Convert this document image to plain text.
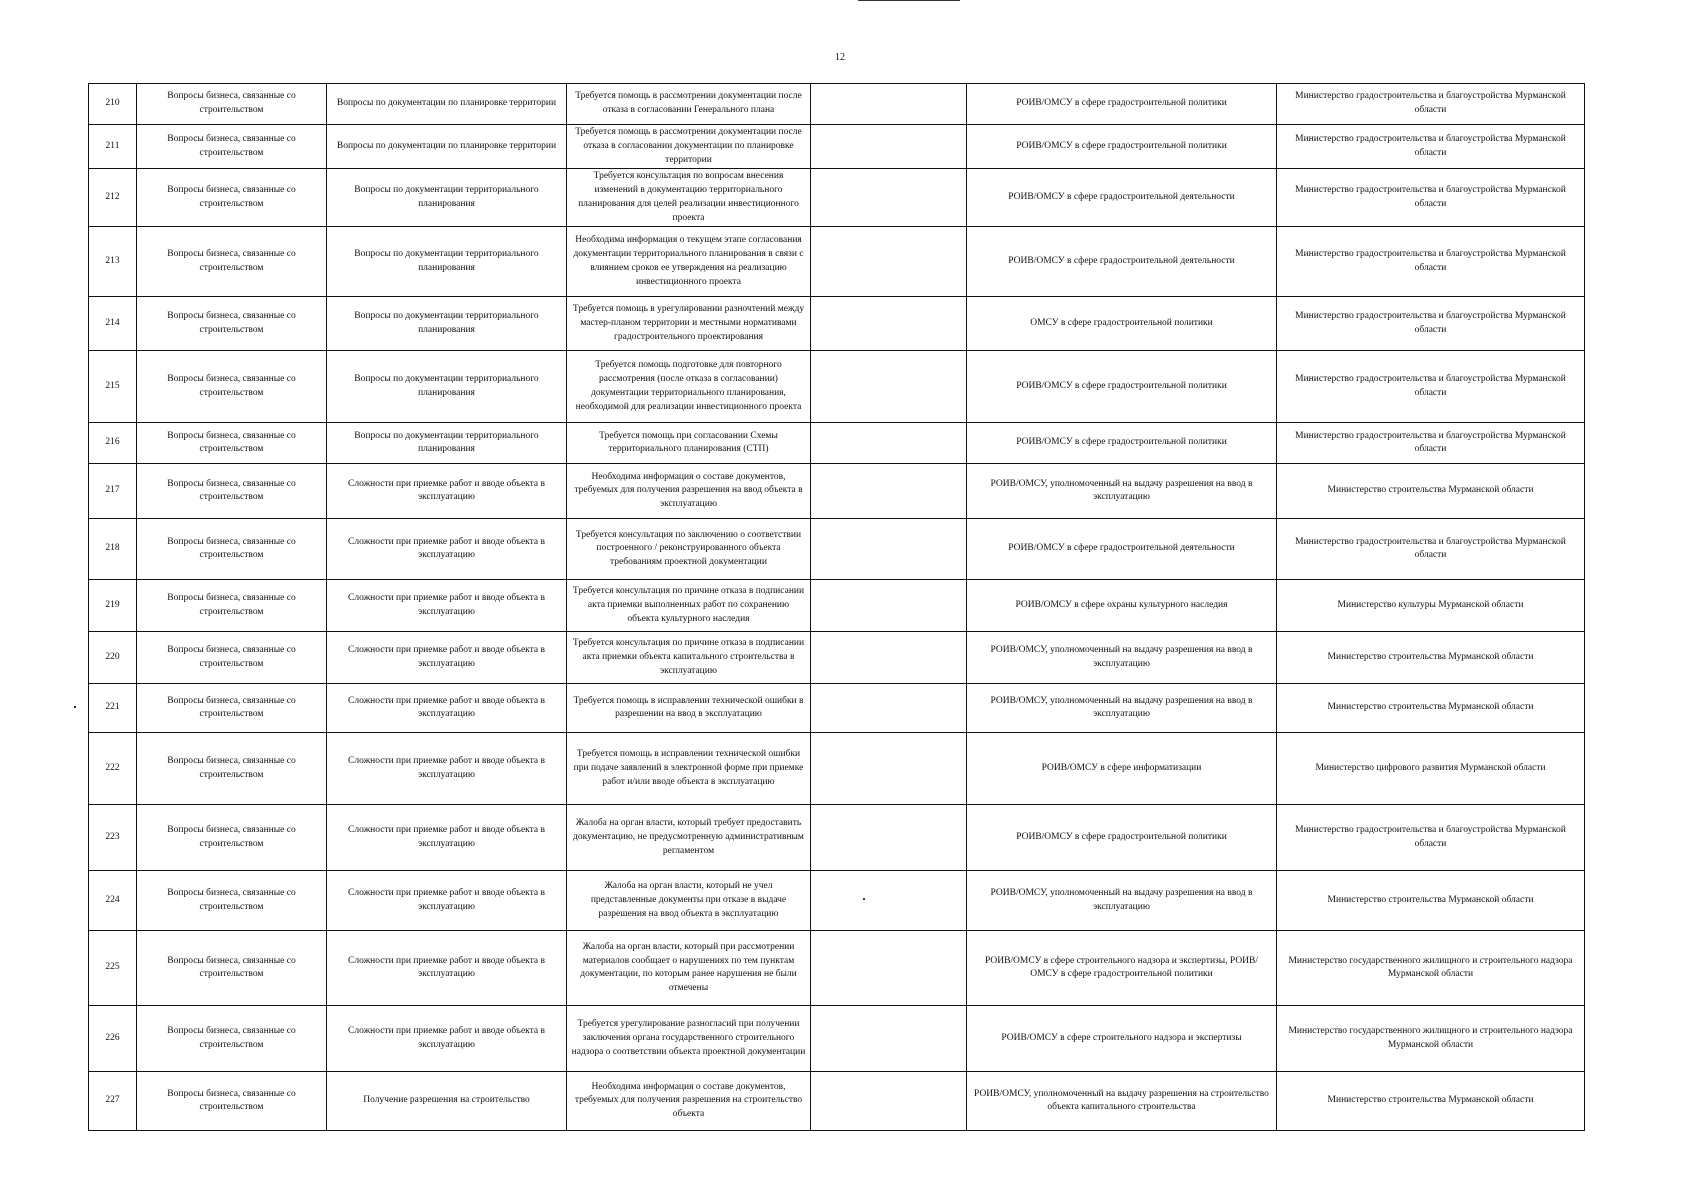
12
210	Вопросы бизнеса, связанные со строительством	Вопросы по документации по планировке территории	Требуется помощь в рассмотрении документации после отказа в согласовании Генерального плана		РОИВ/ОМСУ в сфере градостроительной политики	Министерство градостроительства и благоустройства Мурманской области
211	Вопросы бизнеса, связанные со строительством	Вопросы по документации по планировке территории	Требуется помощь в рассмотрении документации после отказа в согласовании документации по планировке территории		РОИВ/ОМСУ в сфере градостроительной политики	Министерство градостроительства и благоустройства Мурманской области
212	Вопросы бизнеса, связанные со строительством	Вопросы по документации территориального планирования	Требуется консультация по вопросам внесения изменений в документацию территориального планирования для целей реализации инвестиционного проекта		РОИВ/ОМСУ в сфере градостроительной деятельности	Министерство градостроительства и благоустройства Мурманской области
213	Вопросы бизнеса, связанные со строительством	Вопросы по документации территориального планирования	Необходима информация о текущем этапе согласования документации территориального планирования в связи с влиянием сроков ее утверждения на реализацию инвестиционного проекта		РОИВ/ОМСУ в сфере градостроительной деятельности	Министерство градостроительства и благоустройства Мурманской области
214	Вопросы бизнеса, связанные со строительством	Вопросы по документации территориального планирования	Требуется помощь в урегулировании разночтений между мастер-планом территории и местными нормативами градостроительного проектирования		ОМСУ в сфере градостроительной политики	Министерство градостроительства и благоустройства Мурманской области
215	Вопросы бизнеса, связанные со строительством	Вопросы по документации территориального планирования	Требуется помощь подготовке для повторного рассмотрения (после отказа в согласовании) документации территориального планирования, необходимой для реализации инвестиционного проекта		РОИВ/ОМСУ в сфере градостроительной политики	Министерство градостроительства и благоустройства Мурманской области
216	Вопросы бизнеса, связанные со строительством	Вопросы по документации территориального планирования	Требуется помощь при согласовании Схемы территориального планирования (СТП)		РОИВ/ОМСУ в сфере градостроительной политики	Министерство градостроительства и благоустройства Мурманской области
217	Вопросы бизнеса, связанные со строительством	Сложности при приемке работ и вводе объекта в эксплуатацию	Необходима информация о составе документов, требуемых для получения разрешения на ввод объекта в эксплуатацию		РОИВ/ОМСУ, уполномоченный на выдачу разрешения на ввод в эксплуатацию	Министерство строительства Мурманской области
218	Вопросы бизнеса, связанные со строительством	Сложности при приемке работ и вводе объекта в эксплуатацию	Требуется консультация по заключению о соответствии построенного / реконструированного объекта требованиям проектной документации		РОИВ/ОМСУ в сфере градостроительной деятельности	Министерство градостроительства и благоустройства Мурманской области
219	Вопросы бизнеса, связанные со строительством	Сложности при приемке работ и вводе объекта в эксплуатацию	Требуется консультация по причине отказа в подписании акта приемки выполненных работ по сохранению объекта культурного наследия		РОИВ/ОМСУ в сфере охраны культурного наследия	Министерство культуры Мурманской области
220	Вопросы бизнеса, связанные со строительством	Сложности при приемке работ и вводе объекта в эксплуатацию	Требуется консультация по причине отказа в подписании акта приемки объекта капитального строительства в эксплуатацию		РОИВ/ОМСУ, уполномоченный на выдачу разрешения на ввод в эксплуатацию	Министерство строительства Мурманской области
221	Вопросы бизнеса, связанные со строительством	Сложности при приемке работ и вводе объекта в эксплуатацию	Требуется помощь в исправлении технической ошибки в разрешении на ввод в эксплуатацию		РОИВ/ОМСУ, уполномоченный на выдачу разрешения на ввод в эксплуатацию	Министерство строительства Мурманской области
222	Вопросы бизнеса, связанные со строительством	Сложности при приемке работ и вводе объекта в эксплуатацию	Требуется помощь в исправлении технической ошибки при подаче заявлений в электронной форме при приемке работ и/или вводе объекта в эксплуатацию		РОИВ/ОМСУ в сфере информатизации	Министерство цифрового развития Мурманской области
223	Вопросы бизнеса, связанные со строительством	Сложности при приемке работ и вводе объекта в эксплуатацию	Жалоба на орган власти, который требует предоставить документацию, не предусмотренную административным регламентом		РОИВ/ОМСУ в сфере градостроительной политики	Министерство градостроительства и благоустройства Мурманской области
224	Вопросы бизнеса, связанные со строительством	Сложности при приемке работ и вводе объекта в эксплуатацию	Жалоба на орган власти, который не учел представленные документы при отказе в выдаче разрешения на ввод объекта в эксплуатацию		РОИВ/ОМСУ, уполномоченный на выдачу разрешения на ввод в эксплуатацию	Министерство строительства Мурманской области
225	Вопросы бизнеса, связанные со строительством	Сложности при приемке работ и вводе объекта в эксплуатацию	Жалоба на орган власти, который при рассмотрении материалов сообщает о нарушениях по тем пунктам документации, по которым ранее нарушения не были отмечены		РОИВ/ОМСУ в сфере строительного надзора и экспертизы, РОИВ/ОМСУ в сфере градостроительной политики	Министерство государственного жилищного и строительного надзора Мурманской области
226	Вопросы бизнеса, связанные со строительством	Сложности при приемке работ и вводе объекта в эксплуатацию	Требуется урегулирование разногласий при получении заключения органа государственного строительного надзора о соответствии объекта проектной документации		РОИВ/ОМСУ в сфере строительного надзора и экспертизы	Министерство государственного жилищного и строительного надзора Мурманской области
227	Вопросы бизнеса, связанные со строительством	Получение разрешения на строительство	Необходима информация о составе документов, требуемых для получения разрешения на строительство объекта		РОИВ/ОМСУ, уполномоченный на выдачу разрешения на строительство объекта капитального строительства	Министерство строительства Мурманской области
